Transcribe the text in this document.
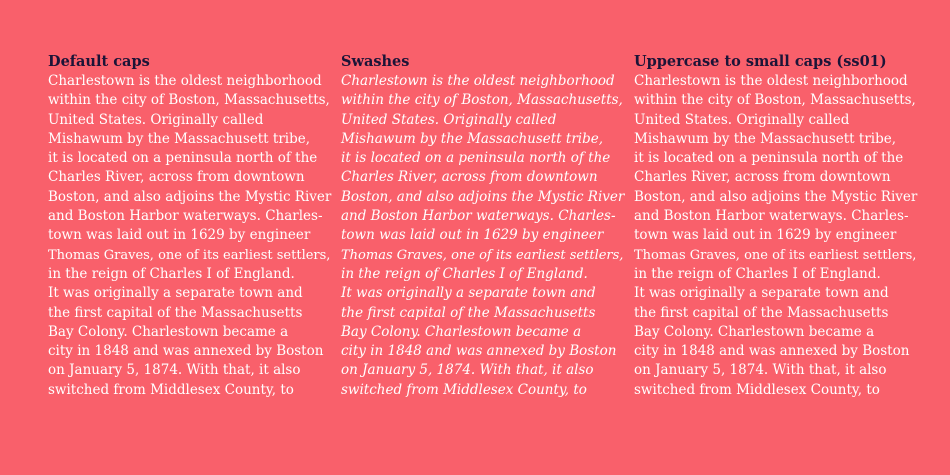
Default caps
Charlestown is the oldest neighborhood
within the city of Boston, Massachusetts,
United States. Originally called
Mishawum by the Massachusett tribe,
it is located on a peninsula north of the
Charles River, across from downtown
Boston, and also adjoins the Mystic River
and Boston Harbor waterways. Charles-
town was laid out in 1629 by engineer
Thomas Graves, one of its earliest settlers,
in the reign of Charles I of England.
It was originally a separate town and
the first capital of the Massachusetts
Bay Colony. Charlestown became a
city in 1848 and was annexed by Boston
on January 5, 1874. With that, it also
switched from Middlesex County, to
Swashes
Charlestown is the oldest neighborhood
within the city of Boston, Massachusetts,
United States. Originally called
Mishawum by the Massachusett tribe,
it is located on a peninsula north of the
Charles River, across from downtown
Boston, and also adjoins the Mystic River
and Boston Harbor waterways. Charles-
town was laid out in 1629 by engineer
Thomas Graves, one of its earliest settlers,
in the reign of Charles I of England.
It was originally a separate town and
the first capital of the Massachusetts
Bay Colony. Charlestown became a
city in 1848 and was annexed by Boston
on January 5, 1874. With that, it also
switched from Middlesex County, to
Uppercase to small caps (ss01)
Charlestown is the oldest neighborhood
within the city of Boston, Massachusetts,
United States. Originally called
Mishawum by the Massachusett tribe,
it is located on a peninsula north of the
Charles River, across from downtown
Boston, and also adjoins the Mystic River
and Boston Harbor waterways. Charles-
town was laid out in 1629 by engineer
Thomas Graves, one of its earliest settlers,
in the reign of Charles I of England.
It was originally a separate town and
the first capital of the Massachusetts
Bay Colony. Charlestown became a
city in 1848 and was annexed by Boston
on January 5, 1874. With that, it also
switched from Middlesex County, to
